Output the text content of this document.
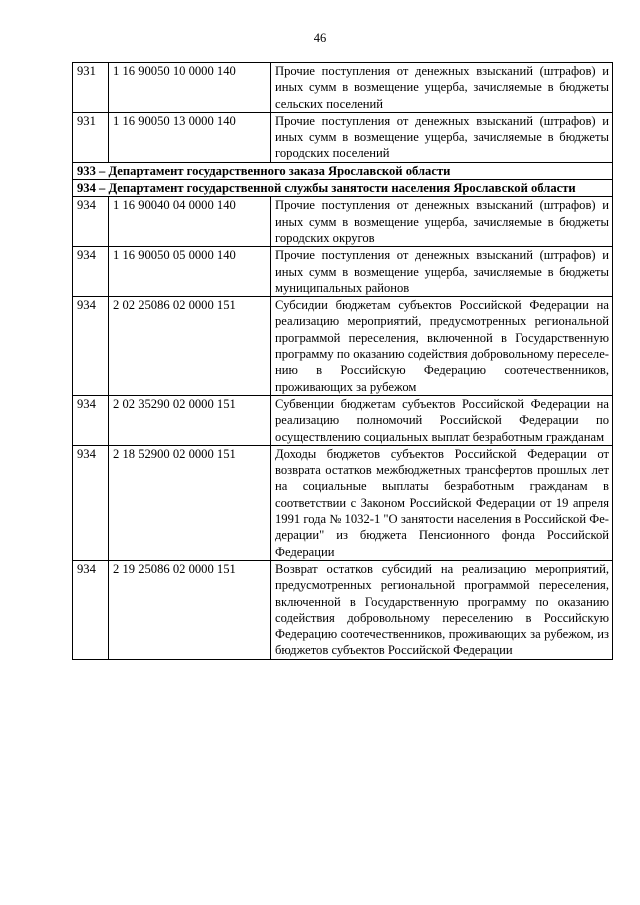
46
931	1 16 90050 10 0000 140	Прочие поступления от денежных взысканий (штрафов) и иных сумм в возмещение ущерба, зачисляемые в бюджеты сельских поселений
931	1 16 90050 13 0000 140	Прочие поступления от денежных взысканий (штрафов) и иных сумм в возмещение ущерба, зачисляемые в бюджеты городских поселений

933 – Департамент государственного заказа Ярославской области		

934 – Департамент государственной службы занятости населения Ярославской области		

934	1 16 90040 04 0000 140	Прочие поступления от денежных взысканий (штрафов) и иных сумм в возмещение ущерба, зачисляемые в бюджеты городских округов
934	1 16 90050 05 0000 140	Прочие поступления от денежных взысканий (штрафов) и иных сумм в возмещение ущерба, зачисляемые в бюджеты муниципальных районов
934	2 02 25086 02 0000 151	Субсидии бюджетам субъектов Российской Федерации на реализацию мероприятий, предусмотренных региональной программой переселения, включенной в Государственную программу по оказанию содействия добровольному переселению в Российскую Федерацию соотечественников, проживающих за рубежом
934	2 02 35290 02 0000 151	Субвенции бюджетам субъектов Российской Федерации на реализацию полномочий Российской Федерации по осуществлению социальных выплат безработным гражданам
934	2 18 52900 02 0000 151	Доходы бюджетов субъектов Российской Федерации от возврата остатков межбюджетных трансфертов прошлых лет на социальные выплаты безработным гражданам в соответствии с Законом Российской Федерации от 19 апреля 1991 года № 1032-1 "О занятости населения в Российской Федерации" из бюджета Пенсионного фонда Российской Федерации
934	2 19 25086 02 0000 151	Возврат остатков субсидий на реализацию мероприятий, предусмотренных региональной программой переселения, включенной в Государственную программу по оказанию содействия добровольному переселению в Российскую Федерацию соотечественников, проживающих за рубежом, из бюджетов субъектов Российской Федерации
